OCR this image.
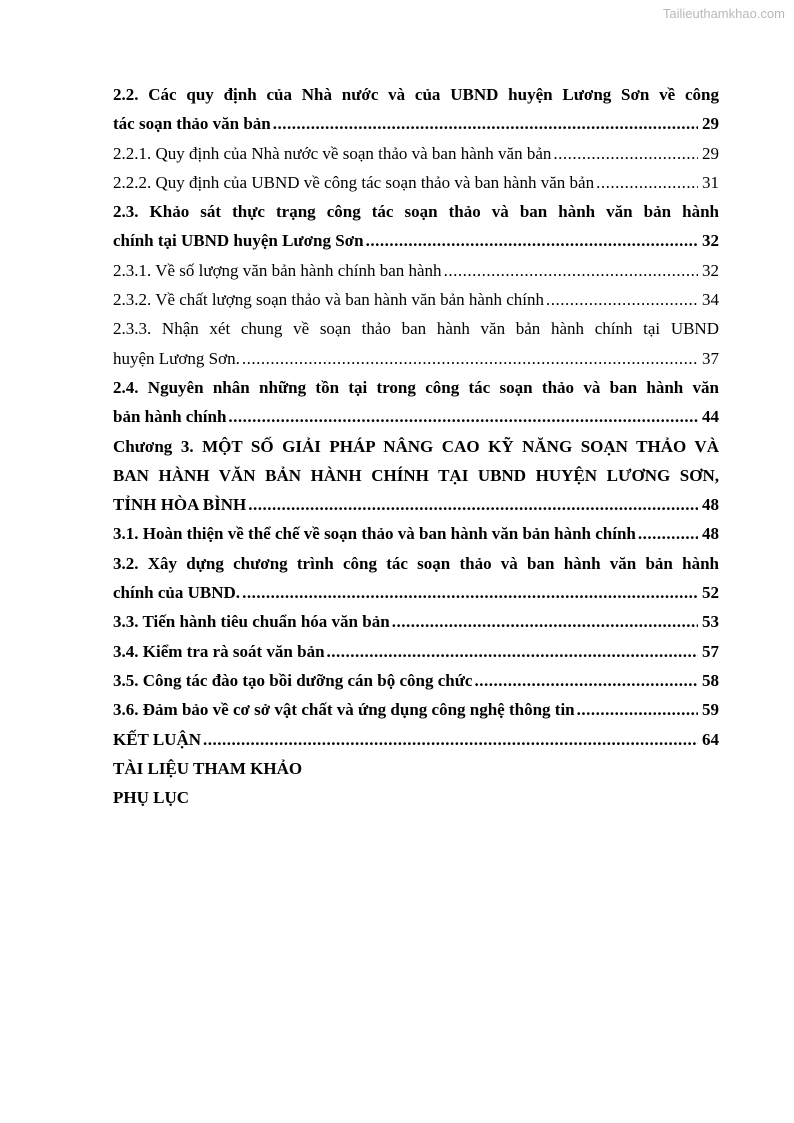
Tailieuthamkhao.com
2.2. Các quy định của Nhà nước và của UBND huyện Lương Sơn về công
tác soạn thảo văn bản .....	29
2.2.1. Quy định của Nhà nước về soạn thảo và ban hành văn bản .....	29
2.2.2. Quy định của UBND về công tác soạn thảo và ban hành văn bản .....	31
2.3. Khảo sát thực trạng công tác soạn thảo và ban hành văn bản hành
chính tại UBND huyện Lương Sơn .....	32
2.3.1. Về số lượng văn bản hành chính ban hành .....	32
2.3.2. Về chất lượng soạn thảo và ban hành văn bản hành chính .....	34
2.3.3. Nhận xét chung về soạn thảo ban hành văn bản hành chính tại UBND
huyện Lương Sơn. .....	37
2.4. Nguyên nhân những tồn tại trong công tác soạn thảo và ban hành văn
bản hành chính .....	44
Chương 3. MỘT SỐ GIẢI PHÁP NÂNG CAO KỸ NĂNG SOẠN THẢO VÀ
BAN HÀNH VĂN BẢN HÀNH CHÍNH TẠI UBND HUYỆN LƯƠNG SƠN,
TỈNH HÒA BÌNH .....	48
3.1. Hoàn thiện về thể chế về soạn thảo và ban hành văn bản hành chính .....	48
3.2. Xây dựng chương trình công tác soạn thảo và ban hành văn bản hành
chính của UBND. .....	52
3.3. Tiến hành tiêu chuẩn hóa văn bản .....	53
3.4. Kiểm tra rà soát văn bản .....	57
3.5. Công tác đào tạo bồi dưỡng cán bộ công chức .....	58
3.6. Đảm bảo về cơ sở vật chất và ứng dụng công nghệ thông tin .....	59
KẾT LUẬN .....	64
TÀI LIỆU THAM KHẢO
PHỤ LỤC
